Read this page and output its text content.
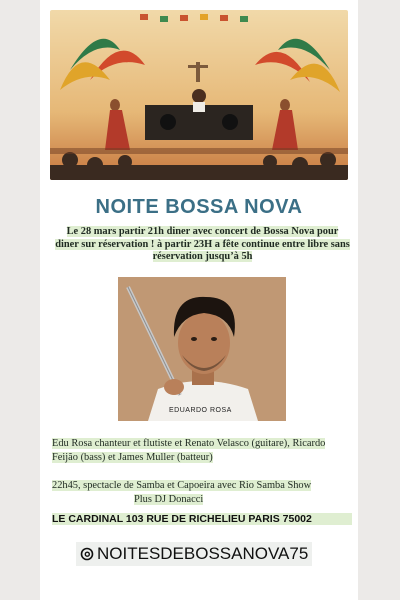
NOITE BOSSA NOVA
Le 28 mars partir 21h diner avec concert de Bossa Nova pour
diner sur réservation ! à partir 23H a fête continue entre libre sans
réservation jusqu’à 5h
EDUARDO ROSA
Edu Rosa chanteur et flutiste et Renato Velasco (guitare), Ricardo
Feijão (bass) et James Muller (batteur)
22h45, spectacle de Samba et Capoeira avec Rio Samba Show
Plus DJ Donacci
LE CARDINAL 103 RUE DE RICHELIEU PARIS 75002
NOITESDEBOSSANOVA75
